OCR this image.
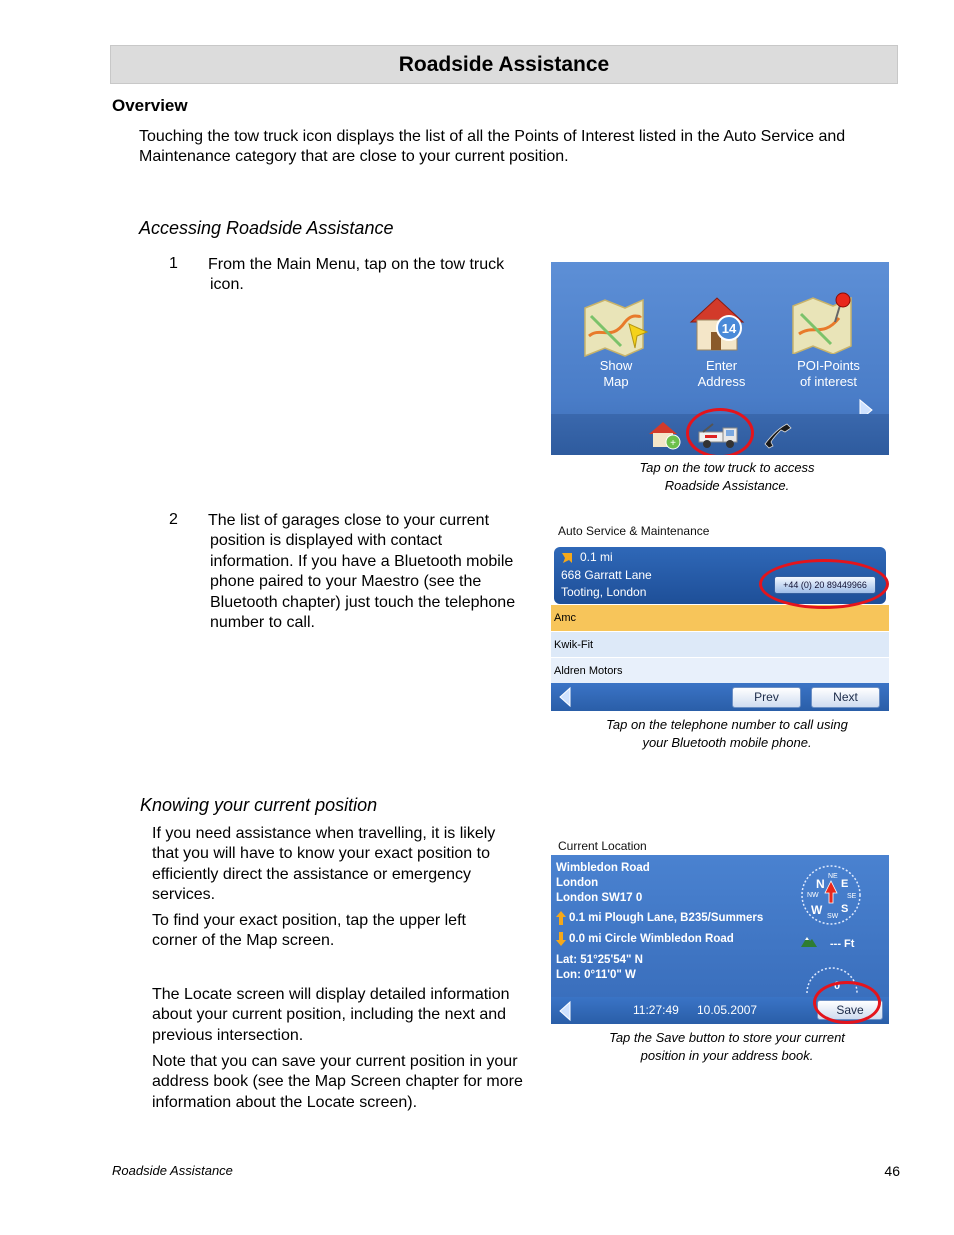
Roadside Assistance
Overview
Touching the tow truck icon displays the list of all the Points of Interest listed in the Auto Service and
Maintenance category that are close to your current position.
Accessing Roadside Assistance
1 From the Main Menu, tap on the tow truck
icon.
Show
Map
14
Enter
Address
POI-Points
of interest
+
Tap on the tow truck to access
Roadside Assistance.
2 The list of garages close to your current
position is displayed with contact
information. If you have a Bluetooth mobile
phone paired to your Maestro (see the
Bluetooth chapter) just touch the telephone
number to call.
Auto Service & Maintenance
0.1 mi
668 Garratt Lane
Tooting, London	+44 (0) 20 89449966
Amc
Kwik-Fit
Aldren Motors
Prev	Next
Tap on the telephone number to call using
your Bluetooth mobile phone.
Knowing your current position
If you need assistance when travelling, it is likely
that you will have to know your exact position to
efficiently direct the assistance or emergency
services.
To find your exact position, tap the upper left
corner of the Map screen.
The Locate screen will display detailed information
about your current position, including the next and
previous intersection.
Note that you can save your current position in your
address book (see the Map Screen chapter for more
information about the Locate screen).
Current Location
Wimbledon Road
London
London SW17 0
0.1 mi Plough Lane, B235/Summers
0.0 mi Circle Wimbledon Road
Lat: 51°25'54" N
Lon: 0°11'0" W
N E
W S
NE
NW	SE
SW
--- Ft
0
11:27:49 10.05.2007	Save
Tap the Save button to store your current
position in your address book.
Roadside Assistance	46
